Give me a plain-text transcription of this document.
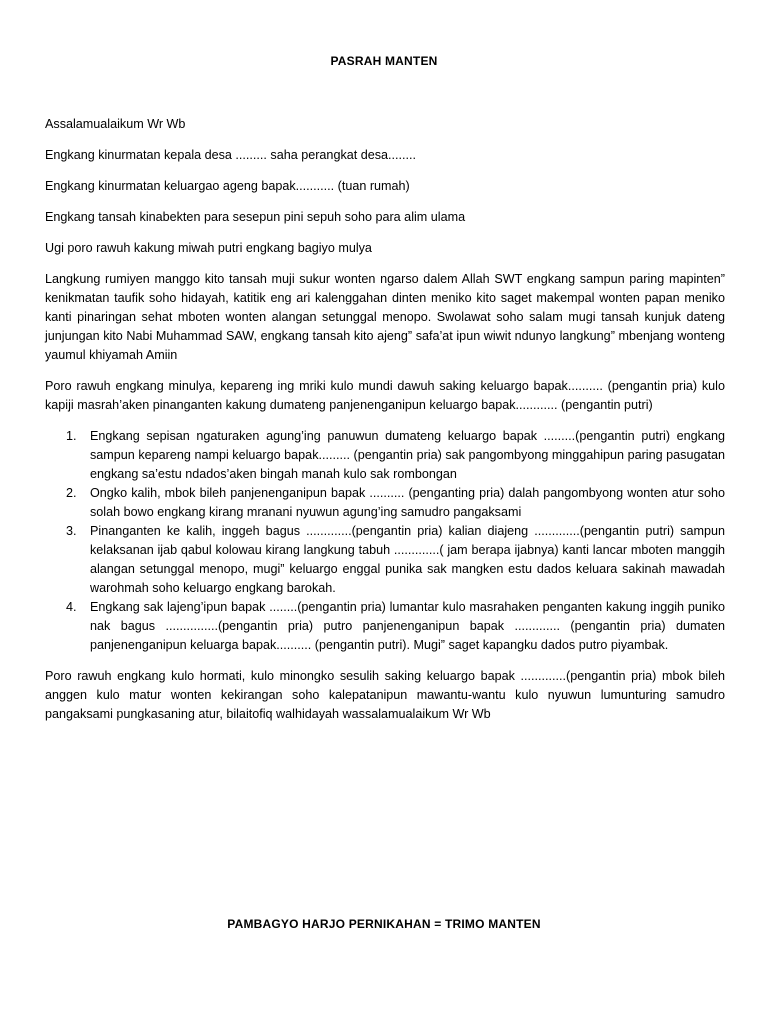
PASRAH MANTEN

Assalamualaikum Wr Wb

Engkang kinurmatan kepala desa ......... saha perangkat desa........

Engkang kinurmatan keluargao ageng bapak........... (tuan rumah)

Engkang tansah kinabekten para sesepun pini sepuh soho para alim ulama

Ugi poro rawuh kakung miwah putri engkang bagiyo mulya

Langkung rumiyen manggo kito tansah muji sukur wonten ngarso dalem Allah SWT engkang sampun paring mapinten” kenikmatan taufik soho hidayah, katitik eng ari kalenggahan dinten meniko kito saget makempal wonten papan meniko kanti pinaringan sehat mboten wonten alangan setunggal menopo. Swolawat soho salam mugi tansah kunjuk dateng junjungan kito Nabi Muhammad SAW, engkang tansah kito ajeng” safa’at ipun wiwit ndunyo langkung” mbenjang wonteng yaumul khiyamah Amiin

Poro rawuh engkang minulya, kepareng ing mriki kulo mundi dawuh saking keluargo bapak.......... (pengantin pria) kulo kapiji masrah’aken pinanganten kakung dumateng panjenenganipun keluargo bapak............ (pengantin putri)

1. Engkang sepisan ngaturaken agung’ing panuwun dumateng keluargo bapak .........(pengantin putri) engkang sampun kepareng nampi keluargo bapak......... (pengantin pria) sak pangombyong minggahipun paring pasugatan engkang sa’estu ndados’aken bingah manah kulo sak rombongan
2. Ongko kalih, mbok bileh panjenenganipun bapak .......... (penganting pria) dalah pangombyong wonten atur soho solah bowo engkang kirang mranani nyuwun agung’ing samudro pangaksami
3. Pinanganten ke kalih, inggeh bagus .............(pengantin pria) kalian diajeng .............(pengantin putri) sampun kelaksanan ijab qabul kolowau kirang langkung tabuh .............( jam berapa ijabnya) kanti lancar mboten manggih alangan setunggal menopo, mugi” keluargo enggal punika sak mangken estu dados keluara sakinah mawadah warohmah soho keluargo engkang barokah.
4. Engkang sak lajeng’ipun bapak ........(pengantin pria) lumantar kulo masrahaken penganten kakung inggih puniko nak bagus ...............(pengantin pria) putro panjenenganipun bapak ............. (pengantin pria) dumaten panjenenganipun keluarga bapak.......... (pengantin putri). Mugi” saget kapangku dados putro piyambak.

Poro rawuh engkang kulo hormati, kulo minongko sesulih saking keluargo bapak .............(pengantin pria) mbok bileh anggen kulo matur wonten kekirangan soho kalepatanipun mawantu-wantu kulo nyuwun lumunturing samudro pangaksami pungkasaning atur, bilaitofiq walhidayah wassalamualaikum Wr Wb

PAMBAGYO HARJO PERNIKAHAN = TRIMO MANTEN
